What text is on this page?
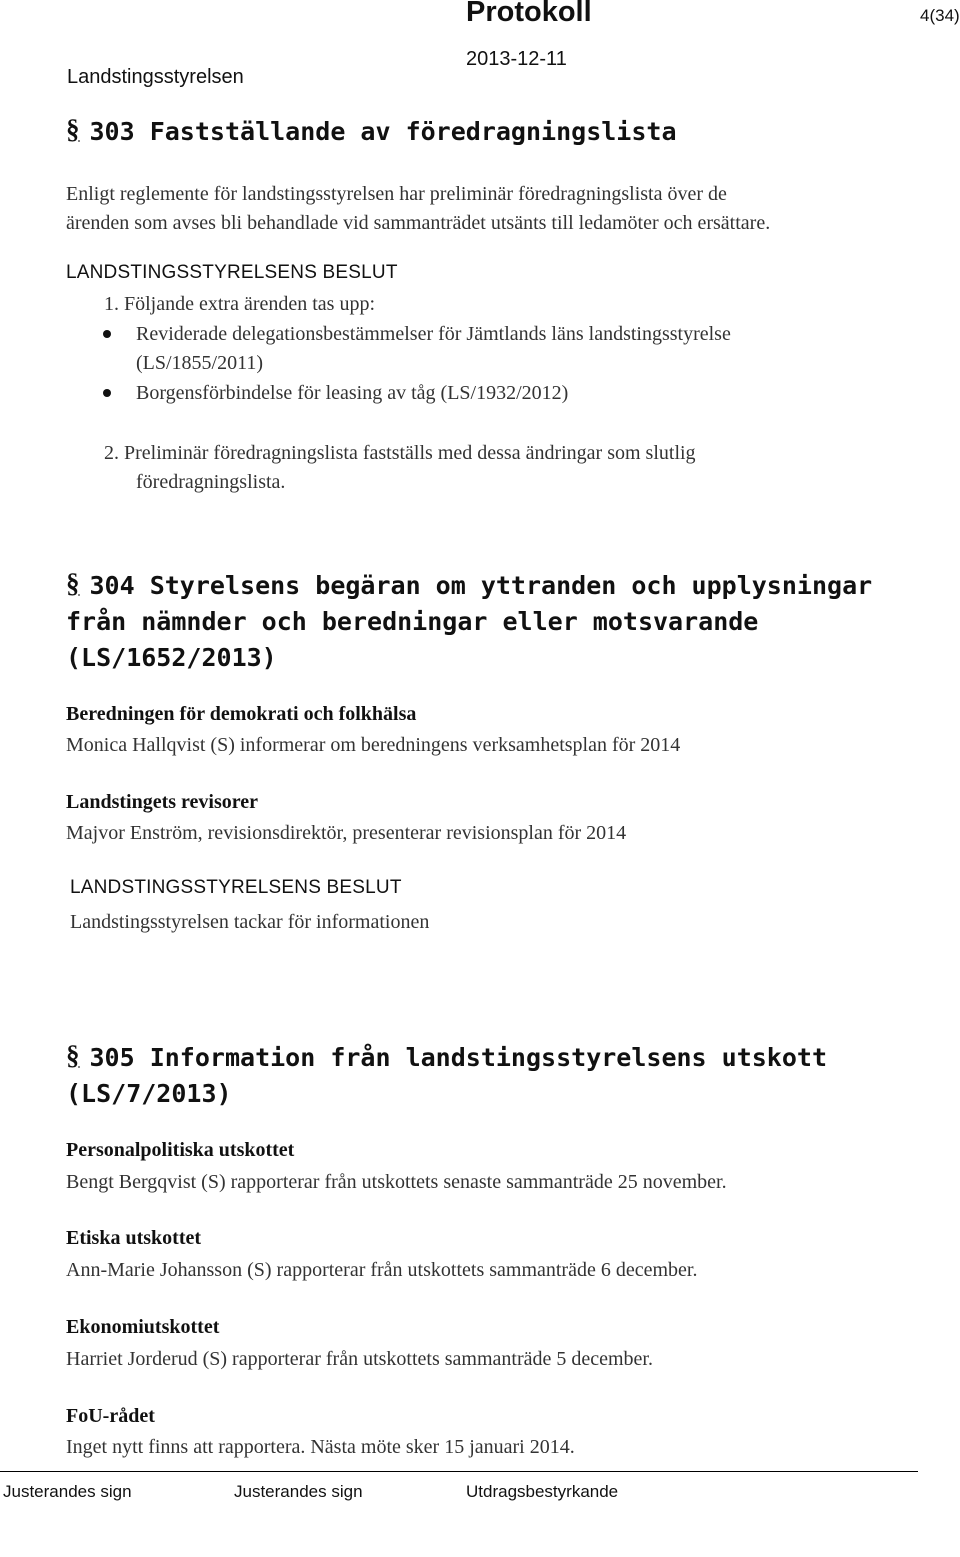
Landstingsstyrelsen
Protokoll
2013-12-11
4(34)
§ 303 Fastställande av föredragningslista
Enligt reglemente för landstingsstyrelsen har preliminär föredragningslista över de
ärenden som avses bli behandlade vid sammanträdet utsänts till ledamöter och ersättare.
LANDSTINGSSTYRELSENS BESLUT
1. Följande extra ärenden tas upp:
Reviderade delegationsbestämmelser för Jämtlands läns landstingsstyrelse
(LS/1855/2011)
Borgensförbindelse för leasing av tåg (LS/1932/2012)
2. Preliminär föredragningslista fastställs med dessa ändringar som slutlig
föredragningslista.
§ 304 Styrelsens begäran om yttranden och upplysningar
från nämnder och beredningar eller motsvarande
(LS/1652/2013)
Beredningen för demokrati och folkhälsa
Monica Hallqvist (S) informerar om beredningens verksamhetsplan för 2014
Landstingets revisorer
Majvor Enström, revisionsdirektör, presenterar revisionsplan för 2014
LANDSTINGSSTYRELSENS BESLUT
Landstingsstyrelsen tackar för informationen
§ 305 Information från landstingsstyrelsens utskott
(LS/7/2013)
Personalpolitiska utskottet
Bengt Bergqvist (S) rapporterar från utskottets senaste sammanträde 25 november.
Etiska utskottet
Ann-Marie Johansson (S) rapporterar från utskottets sammanträde 6 december.
Ekonomiutskottet
Harriet Jorderud (S) rapporterar från utskottets sammanträde 5 december.
FoU-rådet
Inget nytt finns att rapportera. Nästa möte sker 15 januari 2014.
Justerandes sign	Justerandes sign	Utdragsbestyrkande
